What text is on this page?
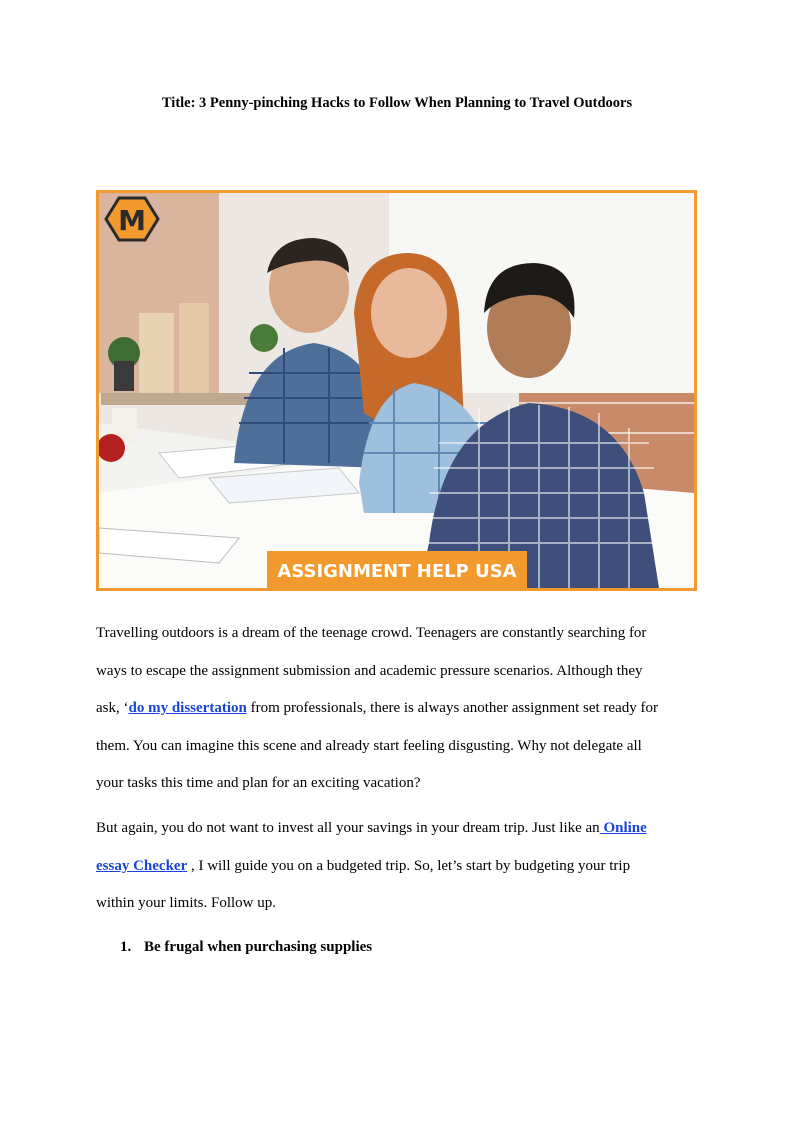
Title: 3 Penny-pinching Hacks to Follow When Planning to Travel Outdoors
M
ASSIGNMENT HELP USA
Travelling outdoors is a dream of the teenage crowd. Teenagers are constantly searching for
ways to escape the assignment submission and academic pressure scenarios. Although they
ask, ‘do my dissertation from professionals, there is always another assignment set ready for
them. You can imagine this scene and already start feeling disgusting. Why not delegate all
your tasks this time and plan for an exciting vacation?
But again, you do not want to invest all your savings in your dream trip. Just like an Online
essay Checker , I will guide you on a budgeted trip. So, let’s start by budgeting your trip
within your limits. Follow up.
1. Be frugal when purchasing supplies
